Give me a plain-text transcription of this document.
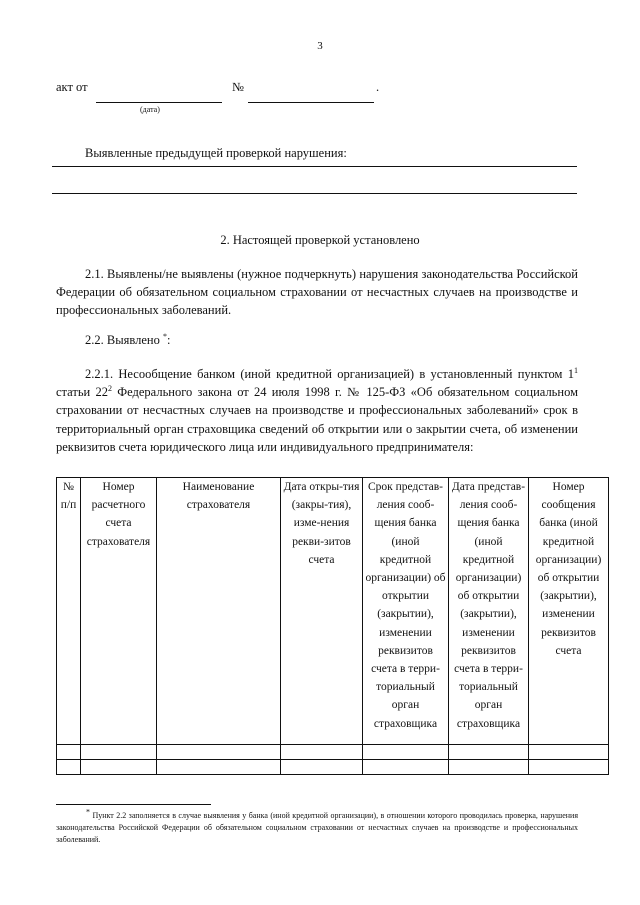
3
акт от
(дата)
№	.
Выявленные предыдущей проверкой нарушения:
2. Настоящей проверкой установлено
2.1. Выявлены/не выявлены (нужное подчеркнуть) нарушения законодательства Российской Федерации об обязательном социальном страховании от несчастных случаев на производстве и профессиональных заболеваний.
2.2. Выявлено *:
2.2.1. Несообщение банком (иной кредитной организацией) в установленный пунктом $1^1$ статьи $22^2$ Федерального закона от 24 июля 1998 г. № 125-ФЗ «Об обязательном социальном страховании от несчастных случаев на производстве и профессиональных заболеваний» срок в территориальный орган страховщика сведений об открытии или о закрытии счета, об изменении реквизитов счета юридического лица или индивидуального предпринимателя:
№ п/п	Номер расчетного счета страхователя	Наименование страхователя	Дата откры-тия (закры-тия), изме-нения рекви-зитов счета	Срок представ-ления сооб-щения банка (иной кредитной организации) об открытии (закрытии), изменении реквизитов счета в терри-ториальный орган страховщика	Дата представ-ления сооб-щения банка (иной кредитной организации) об открытии (закрытии), изменении реквизитов счета в терри-ториальный орган страховщика	Номер сообщения банка (иной кредитной организации) об открытии (закрытии), изменении реквизитов счета

* Пункт 2.2 заполняется в случае выявления у банка (иной кредитной организации), в отношении которого проводилась проверка, нарушения законодательства Российской Федерации об обязательном социальном страховании от несчастных случаев на производстве и профессиональных заболеваний.
